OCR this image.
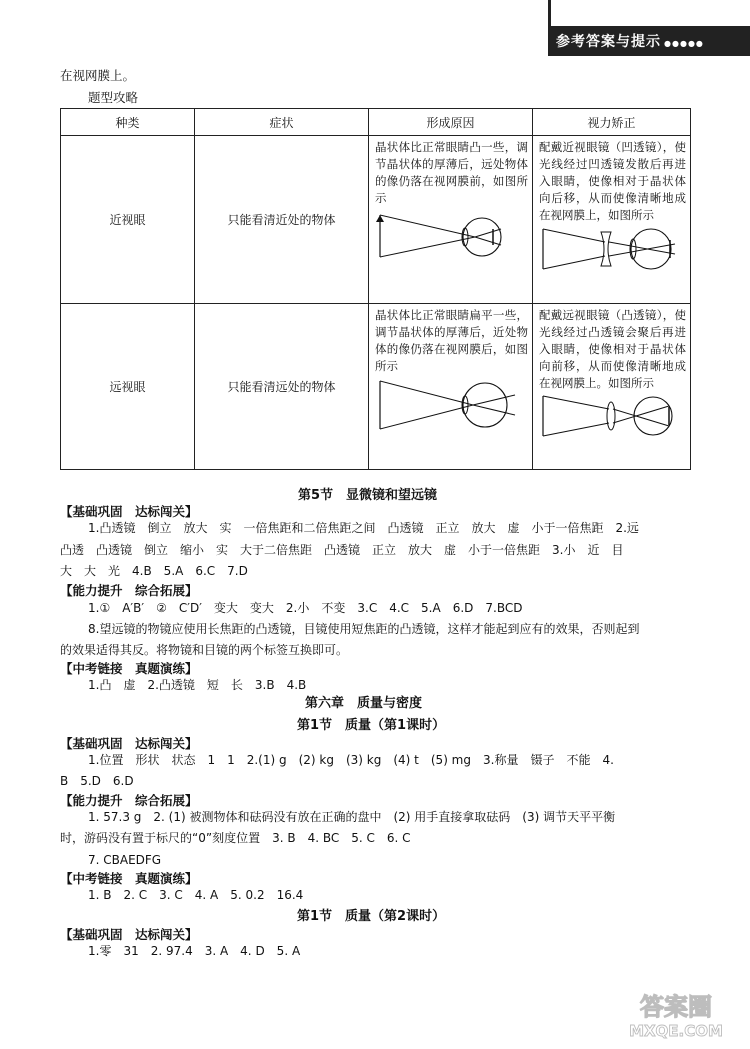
参考答案与提示 ●●●●●
在视网膜上。
题型攻略
种类	症状	形成原因	视力矫正
近视眼	只能看清近处的物体	晶状体比正常眼睛凸一些，调节晶状体的厚薄后，远处物体的像仍落在视网膜前，如图所示	配戴近视眼镜（凹透镜），使光线经过凹透镜发散后再进入眼睛，使像相对于晶状体向后移，从而使像清晰地成在视网膜上，如图所示

远视眼	只能看清远处的物体	晶状体比正常眼睛扁平一些，调节晶状体的厚薄后，近处物体的像仍落在视网膜后，如图所示	配戴远视眼镜（凸透镜），使光线经过凸透镜会聚后再进入眼睛，使像相对于晶状体向前移，从而使像清晰地成在视网膜上。如图所示
第5节　显微镜和望远镜
【基础巩固　达标闯关】
1.凸透镜　倒立　放大　实　一倍焦距和二倍焦距之间　凸透镜　正立　放大　虚　小于一倍焦距　2.远
凸透　凸透镜　倒立　缩小　实　大于二倍焦距　凸透镜　正立　放大　虚　小于一倍焦距　3.小　近　目
大　大　光　4.B　5.A　6.C　7.D
【能力提升　综合拓展】
1.①　A′B′　②　C′D′　变大　变大　2.小　不变　3.C　4.C　5.A　6.D　7.BCD
8.望远镜的物镜应使用长焦距的凸透镜，目镜使用短焦距的凸透镜，这样才能起到应有的效果，否则起到
的效果适得其反。将物镜和目镜的两个标签互换即可。
【中考链接　真题演练】
1.凸　虚　2.凸透镜　短　长　3.B　4.B
第六章　质量与密度
第1节　质量（第1课时）
【基础巩固　达标闯关】
1.位置　形状　状态　1　1　2.(1) g　(2) kg　(3) kg　(4) t　(5) mg　3.称量　镊子　不能　4.
B　5.D　6.D
【能力提升　综合拓展】
1. 57.3 g　2. (1) 被测物体和砝码没有放在正确的盘中　(2) 用手直接拿取砝码　(3) 调节天平平衡
时，游码没有置于标尺的“0”刻度位置　3. B　4. BC　5. C　6. C
7. CBAEDFG
【中考链接　真题演练】
1. B　2. C　3. C　4. A　5. 0.2　16.4
第1节　质量（第2课时）
【基础巩固　达标闯关】
1.零　31　2. 97.4　3. A　4. D　5. A
答案圈
MXQE.COM
